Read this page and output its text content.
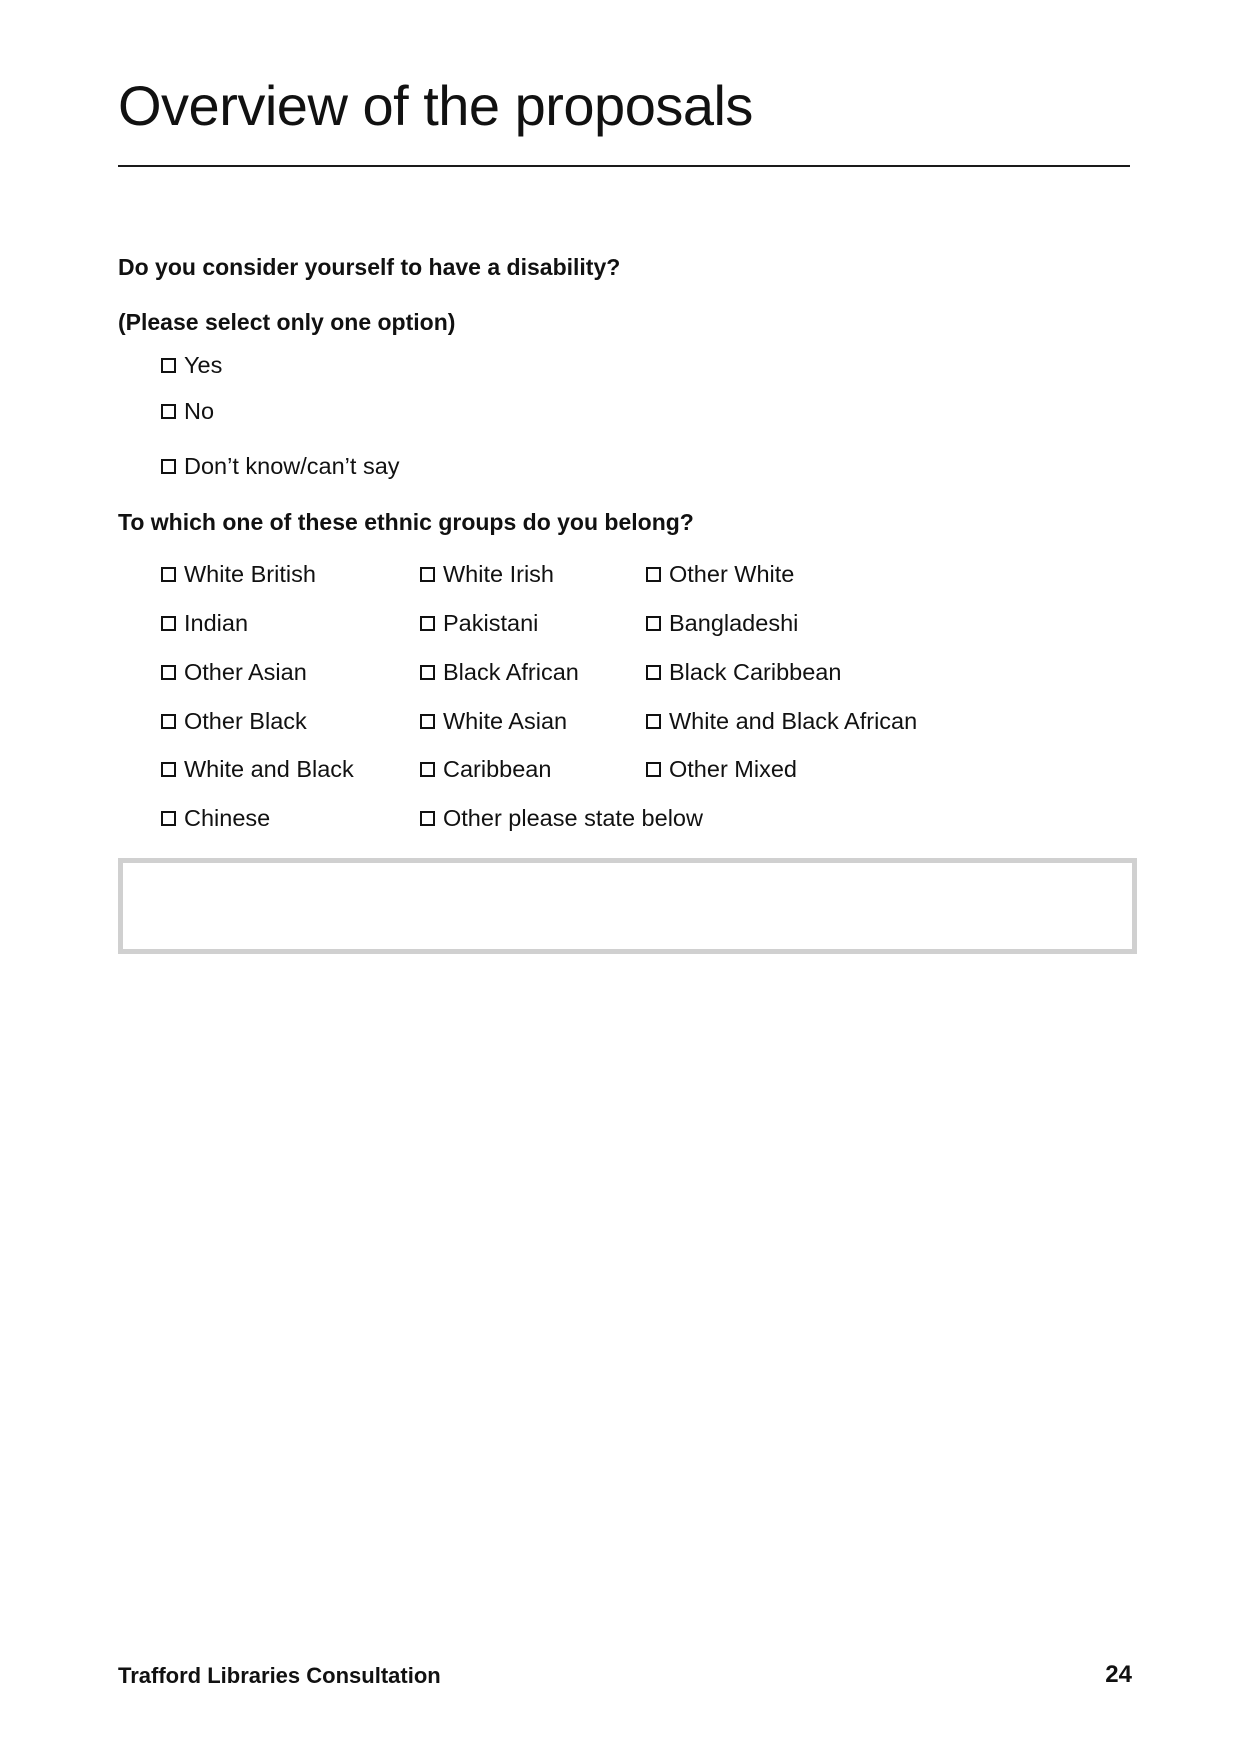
Overview of the proposals

Do you consider yourself to have a disability?

(Please select only one option)

Yes
No
Don’t know/can’t say

To which one of these ethnic groups do you belong?

White British	White Irish	Other White
Indian	Pakistani	Bangladeshi
Other Asian	Black African	Black Caribbean
Other Black	White Asian	White and Black African
White and Black	Caribbean	Other Mixed
Chinese	Other please state below
Trafford Libraries Consultation	24
